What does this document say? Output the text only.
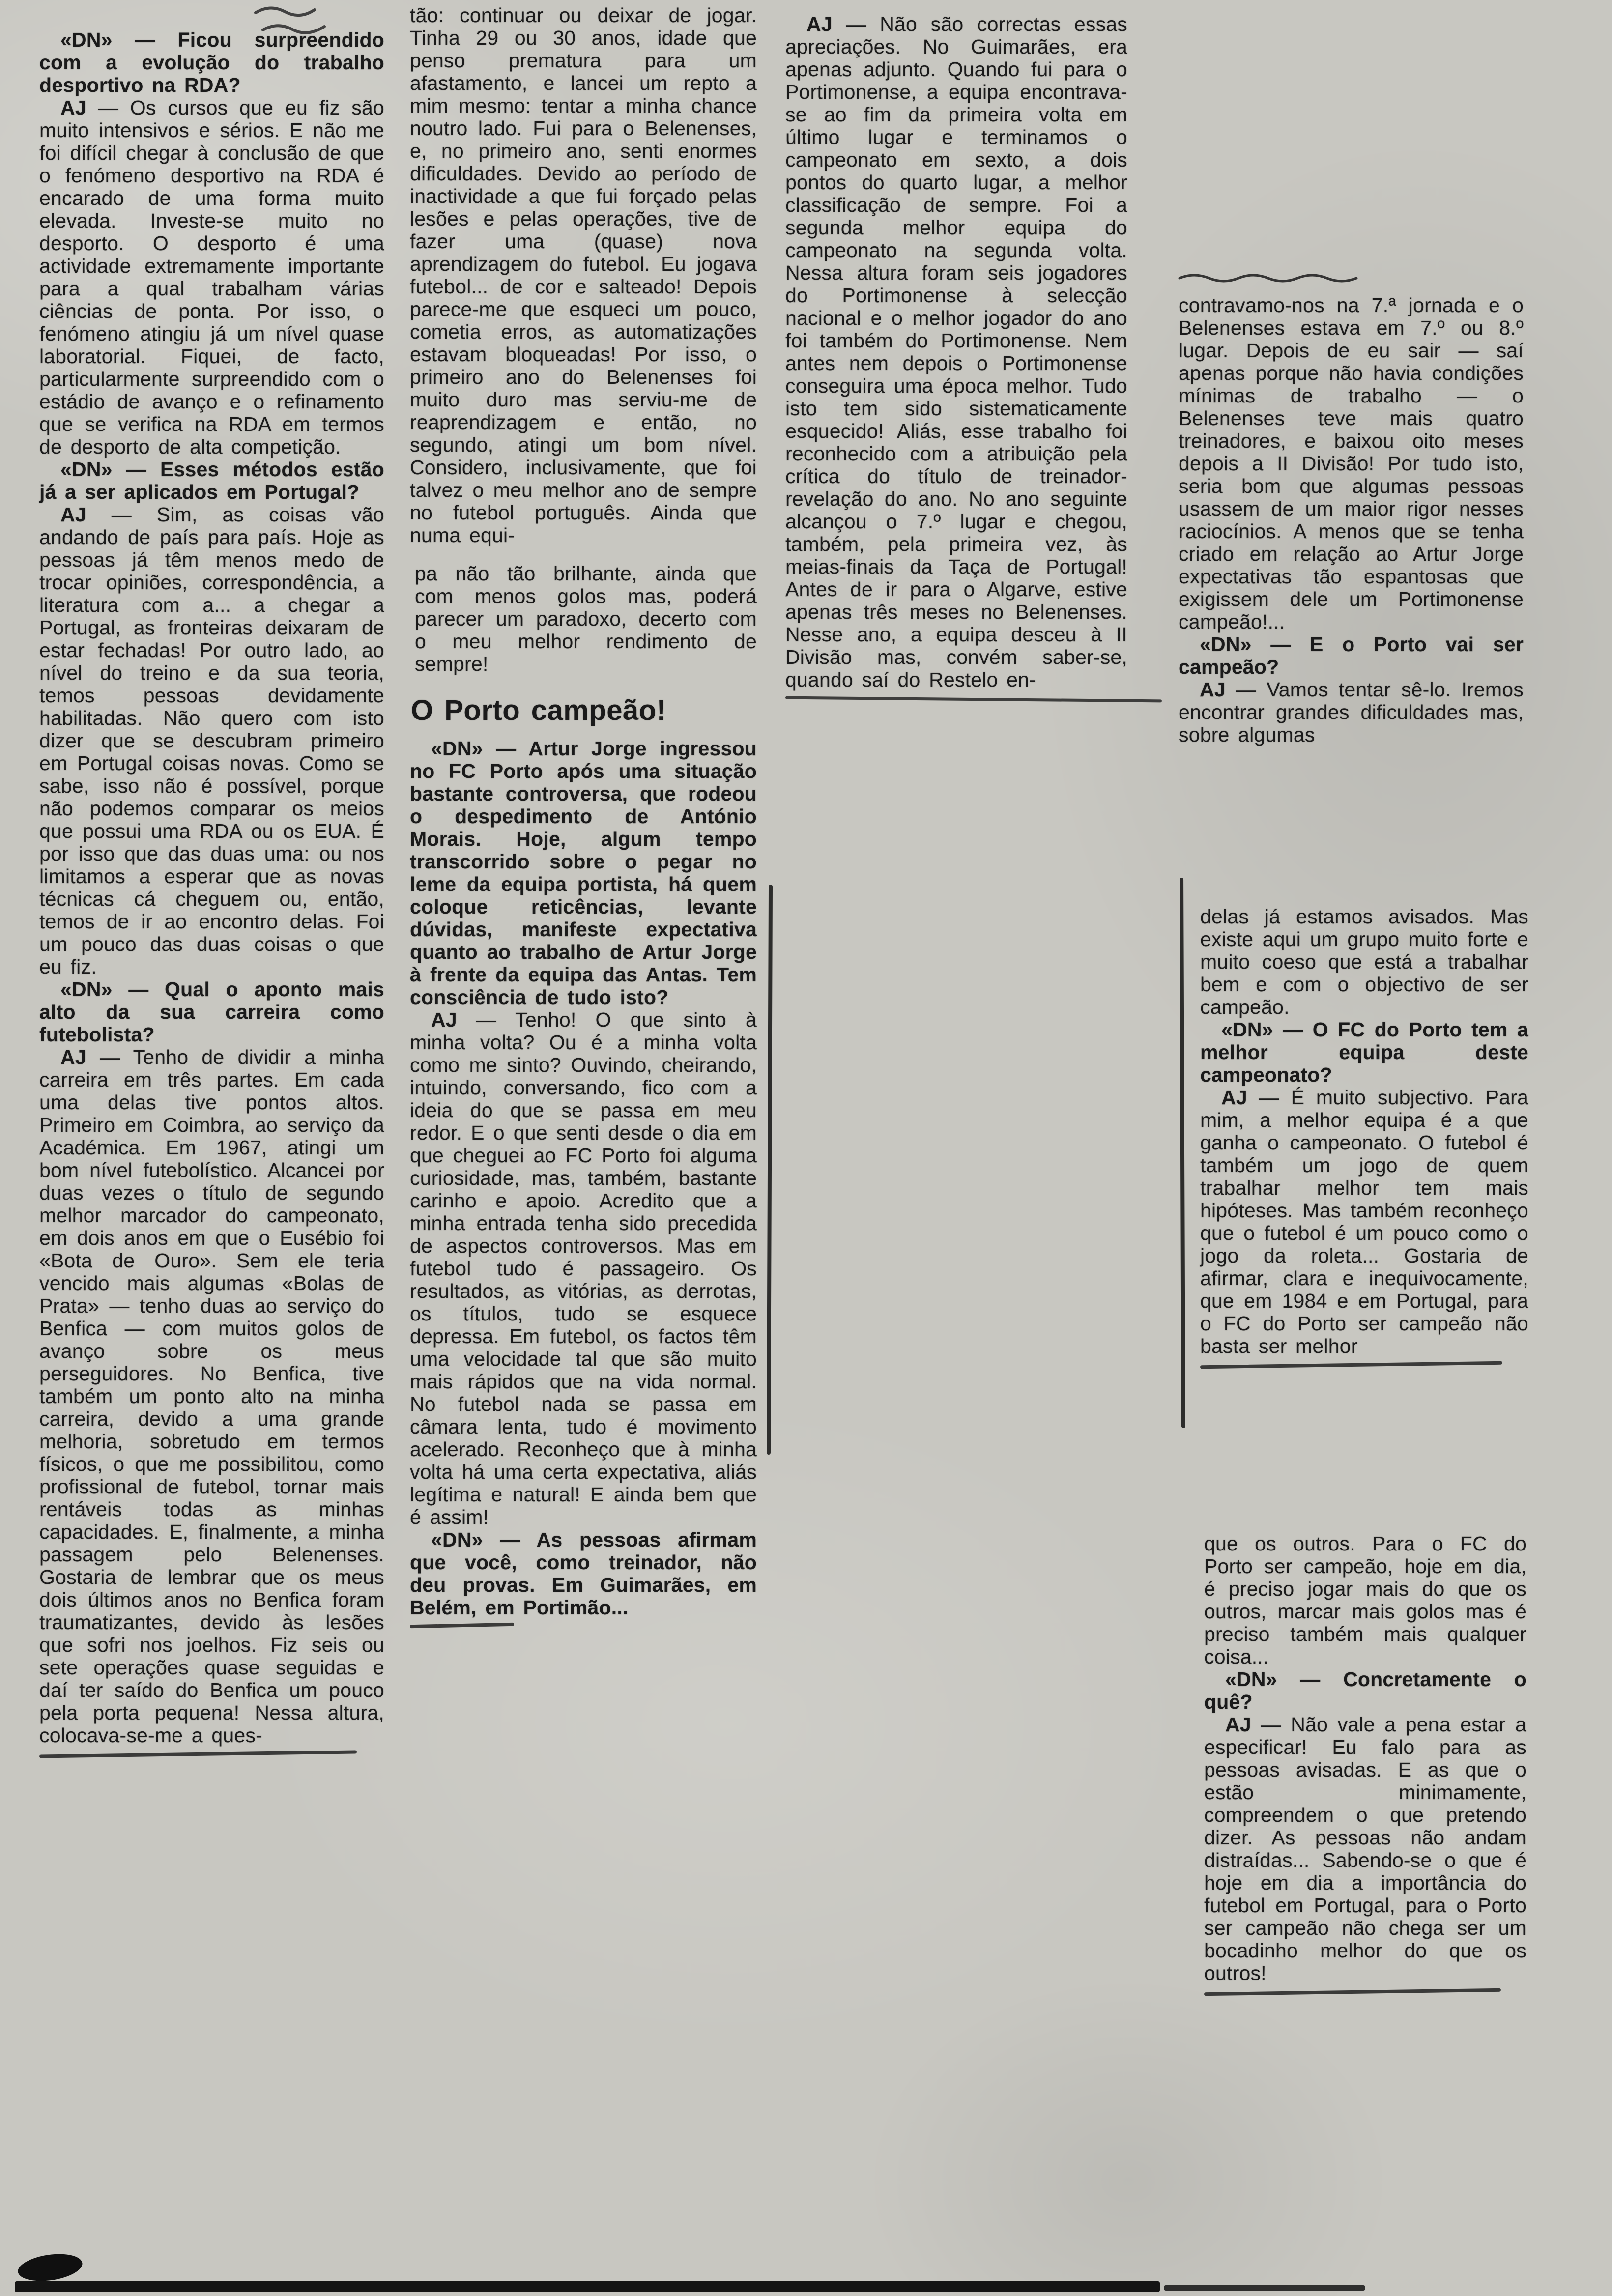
«DN» — Ficou surpreendido com a evolução do trabalho desportivo na RDA?

AJ — Os cursos que eu fiz são muito intensivos e sérios. E não me foi difícil chegar à conclusão de que o fenómeno desportivo na RDA é encarado de uma forma muito elevada. Investe-se muito no desporto. O desporto é uma actividade extremamente importante para a qual trabalham várias ciências de ponta. Por isso, o fenómeno atingiu já um nível quase laboratorial. Fiquei, de facto, particularmente surpreendido com o estádio de avanço e o refinamento que se verifica na RDA em termos de desporto de alta competição.

«DN» — Esses métodos estão já a ser aplicados em Portugal?

AJ — Sim, as coisas vão andando de país para país. Hoje as pessoas já têm menos medo de trocar opiniões, correspondência, a literatura com a... a chegar a Portugal, as fronteiras deixaram de estar fechadas! Por outro lado, ao nível do treino e da sua teoria, temos pessoas devidamente habilitadas. Não quero com isto dizer que se descubram primeiro em Portugal coisas novas. Como se sabe, isso não é possível, porque não podemos comparar os meios que possui uma RDA ou os EUA. É por isso que das duas uma: ou nos limitamos a esperar que as novas técnicas cá cheguem ou, então, temos de ir ao encontro delas. Foi um pouco das duas coisas o que eu fiz.

«DN» — Qual o aponto mais alto da sua carreira como futebolista?

AJ — Tenho de dividir a minha carreira em três partes. Em cada uma delas tive pontos altos. Primeiro em Coimbra, ao serviço da Académica. Em 1967, atingi um bom nível futebolístico. Alcancei por duas vezes o título de segundo melhor marcador do campeonato, em dois anos em que o Eusébio foi «Bota de Ouro». Sem ele teria vencido mais algumas «Bolas de Prata» — tenho duas ao serviço do Benfica — com muitos golos de avanço sobre os meus perseguidores. No Benfica, tive também um ponto alto na minha carreira, devido a uma grande melhoria, sobretudo em termos físicos, o que me possibilitou, como profissional de futebol, tornar mais rentáveis todas as minhas capacidades. E, finalmente, a minha passagem pelo Belenenses. Gostaria de lembrar que os meus dois últimos anos no Benfica foram traumatizantes, devido às lesões que sofri nos joelhos. Fiz seis ou sete operações quase seguidas e daí ter saído do Benfica um pouco pela porta pequena! Nessa altura, colocava-se-me a ques-

tão: continuar ou deixar de jogar. Tinha 29 ou 30 anos, idade que penso prematura para um afastamento, e lancei um repto a mim mesmo: tentar a minha chance noutro lado. Fui para o Belenenses, e, no primeiro ano, senti enormes dificuldades. Devido ao período de inactividade a que fui forçado pelas lesões e pelas operações, tive de fazer uma (quase) nova aprendizagem do futebol. Eu jogava futebol... de cor e salteado! Depois parece-me que esqueci um pouco, cometia erros, as automatizações estavam bloqueadas! Por isso, o primeiro ano do Belenenses foi muito duro mas serviu-me de reaprendizagem e então, no segundo, atingi um bom nível. Considero, inclusivamente, que foi talvez o meu melhor ano de sempre no futebol português. Ainda que numa equi-

pa não tão brilhante, ainda que com menos golos mas, poderá parecer um paradoxo, decerto com o meu melhor rendimento de sempre!

O Porto campeão!

«DN» — Artur Jorge ingressou no FC Porto após uma situação bastante controversa, que rodeou o despedimento de António Morais. Hoje, algum tempo transcorrido sobre o pegar no leme da equipa portista, há quem coloque reticências, levante dúvidas, manifeste expectativa quanto ao trabalho de Artur Jorge à frente da equipa das Antas. Tem consciência de tudo isto?

AJ — Tenho! O que sinto à minha volta? Ou é a minha volta como me sinto? Ouvindo, cheirando, intuindo, conversando, fico com a ideia do que se passa em meu redor. E o que senti desde o dia em que cheguei ao FC Porto foi alguma curiosidade, mas, também, bastante carinho e apoio. Acredito que a minha entrada tenha sido precedida de aspectos controversos. Mas em futebol tudo é passageiro. Os resultados, as vitórias, as derrotas, os títulos, tudo se esquece depressa. Em futebol, os factos têm uma velocidade tal que são muito mais rápidos que na vida normal. No futebol nada se passa em câmara lenta, tudo é movimento acelerado. Reconheço que à minha volta há uma certa expectativa, aliás legítima e natural! E ainda bem que é assim!

«DN» — As pessoas afirmam que você, como treinador, não deu provas. Em Guimarães, em Belém, em Portimão...

AJ — Não são correctas essas apreciações. No Guimarães, era apenas adjunto. Quando fui para o Portimonense, a equipa encontrava-se ao fim da primeira volta em último lugar e terminamos o campeonato em sexto, a dois pontos do quarto lugar, a melhor classificação de sempre. Foi a segunda melhor equipa do campeonato na segunda volta. Nessa altura foram seis jogadores do Portimonense à selecção nacional e o melhor jogador do ano foi também do Portimonense. Nem antes nem depois o Portimonense conseguira uma época melhor. Tudo isto tem sido sistematicamente esquecido! Aliás, esse trabalho foi reconhecido com a atribuição pela crítica do título de treinador-revelação do ano. No ano seguinte alcançou o 7.º lugar e chegou, também, pela primeira vez, às meias-finais da Taça de Portugal! Antes de ir para o Algarve, estive apenas três meses no Belenenses. Nesse ano, a equipa desceu à II Divisão mas, convém saber-se, quando saí do Restelo en-

contravamo-nos na 7.ª jornada e o Belenenses estava em 7.º ou 8.º lugar. Depois de eu sair — saí apenas porque não havia condições mínimas de trabalho — o Belenenses teve mais quatro treinadores, e baixou oito meses depois a II Divisão! Por tudo isto, seria bom que algumas pessoas usassem de um maior rigor nesses raciocínios. A menos que se tenha criado em relação ao Artur Jorge expectativas tão espantosas que exigissem dele um Portimonense campeão!...

«DN» — E o Porto vai ser campeão?

AJ — Vamos tentar sê-lo. Iremos encontrar grandes dificuldades mas, sobre algumas

delas já estamos avisados. Mas existe aqui um grupo muito forte e muito coeso que está a trabalhar bem e com o objectivo de ser campeão.

«DN» — O FC do Porto tem a melhor equipa deste campeonato?

AJ — É muito subjectivo. Para mim, a melhor equipa é a que ganha o campeonato. O futebol é também um jogo de quem trabalhar melhor tem mais hipóteses. Mas também reconheço que o futebol é um pouco como o jogo da roleta... Gostaria de afirmar, clara e inequivocamente, que em 1984 e em Portugal, para o FC do Porto ser campeão não basta ser melhor

que os outros. Para o FC do Porto ser campeão, hoje em dia, é preciso jogar mais do que os outros, marcar mais golos mas é preciso também mais qualquer coisa...

«DN» — Concretamente o quê?

AJ — Não vale a pena estar a especificar! Eu falo para as pessoas avisadas. E as que o estão minimamente, compreendem o que pretendo dizer. As pessoas não andam distraídas... Sabendo-se o que é hoje em dia a importância do futebol em Portugal, para o Porto ser campeão não chega ser um bocadinho melhor do que os outros!
